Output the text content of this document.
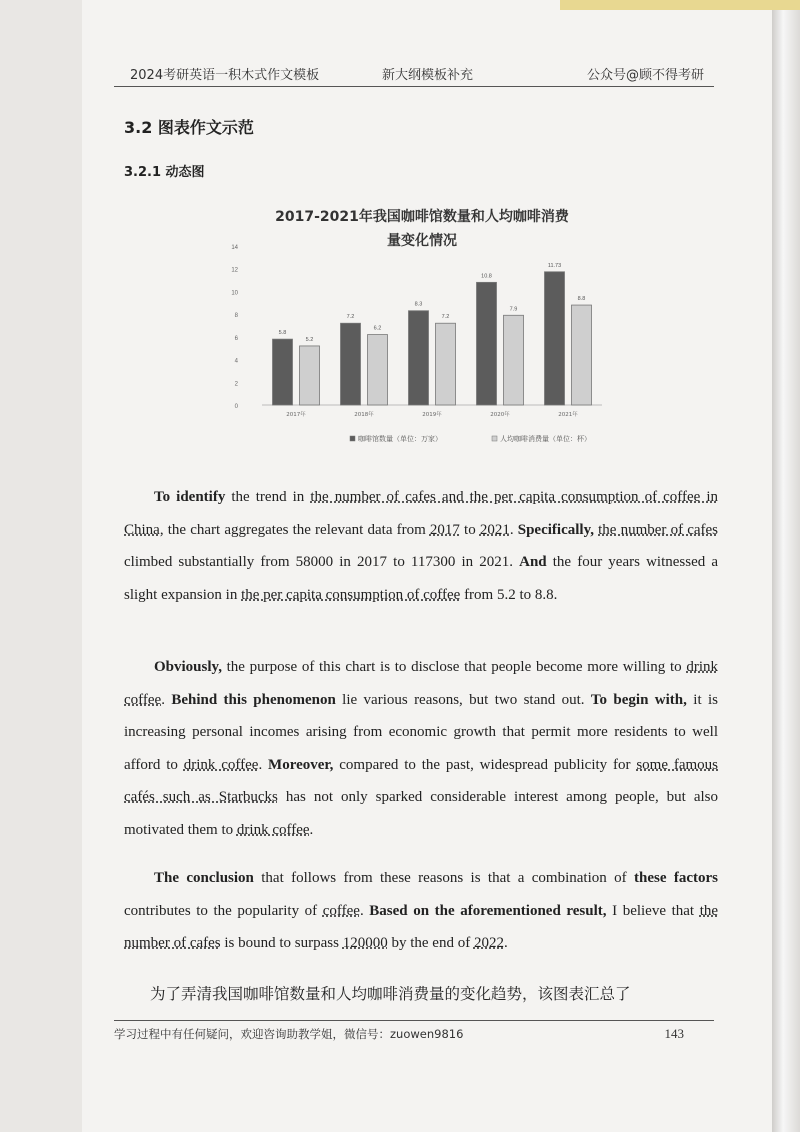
2024考研英语一积木式作文模板	新大纲模板补充	公众号@顾不得考研
3.2 图表作文示范
3.2.1 动态图
2017-2021年我国咖啡馆数量和人均咖啡消费
量变化情况
0
2
4
6
8
10
12
14
5.8
5.2
2017年
7.2
6.2
2018年
8.3
7.2
2019年
10.8
7.9
2020年
11.73
8.8
2021年
咖啡馆数量（单位：万家）	人均咖啡消费量（单位：杯）
  To identify the trend in the number of cafes and the per capita consumption of coffee in China, the chart aggregates the relevant data from 2017 to 2021. Specifically, the number of cafes climbed substantially from 58000 in 2017 to 117300 in 2021. And the four years witnessed a slight expansion in the per capita consumption of coffee from 5.2 to 8.8.
  Obviously, the purpose of this chart is to disclose that people become more willing to drink coffee. Behind this phenomenon lie various reasons, but two stand out. To begin with, it is increasing personal incomes arising from economic growth that permit more residents to well afford to drink coffee. Moreover, compared to the past, widespread publicity for some famous cafés such as Starbucks has not only sparked considerable interest among people, but also motivated them to drink coffee.
  The conclusion that follows from these reasons is that a combination of these factors contributes to the popularity of coffee. Based on the aforementioned result, I believe that the number of cafes is bound to surpass 120000 by the end of 2022.
为了弄清我国咖啡馆数量和人均咖啡消费量的变化趋势，该图表汇总了
学习过程中有任何疑问，欢迎咨询助教学姐，微信号：zuowen9816	143
